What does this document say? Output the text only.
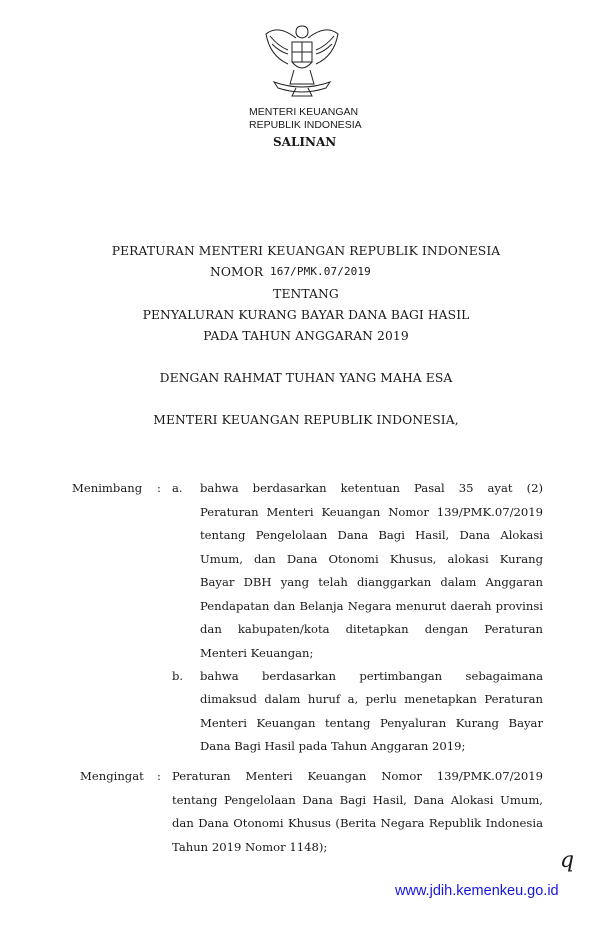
MENTERI KEUANGAN
REPUBLIK INDONESIA
SALINAN
PERATURAN MENTERI KEUANGAN REPUBLIK INDONESIA
NOMOR 167/PMK.07/2019
TENTANG
PENYALURAN KURANG BAYAR DANA BAGI HASIL
PADA TAHUN ANGGARAN 2019
DENGAN RAHMAT TUHAN YANG MAHA ESA
MENTERI KEUANGAN REPUBLIK INDONESIA,
Menimbang : a. bahwa berdasarkan ketentuan Pasal 35 ayat (2)
Peraturan Menteri Keuangan Nomor 139/PMK.07/2019
tentang Pengelolaan Dana Bagi Hasil, Dana Alokasi
Umum, dan Dana Otonomi Khusus, alokasi Kurang
Bayar DBH yang telah dianggarkan dalam Anggaran
Pendapatan dan Belanja Negara menurut daerah provinsi
dan kabupaten/kota ditetapkan dengan Peraturan
Menteri Keuangan;
b. bahwa berdasarkan pertimbangan sebagaimana
dimaksud dalam huruf a, perlu menetapkan Peraturan
Menteri Keuangan tentang Penyaluran Kurang Bayar
Dana Bagi Hasil pada Tahun Anggaran 2019;
Mengingat : Peraturan Menteri Keuangan Nomor 139/PMK.07/2019
tentang Pengelolaan Dana Bagi Hasil, Dana Alokasi Umum,
dan Dana Otonomi Khusus (Berita Negara Republik Indonesia
Tahun 2019 Nomor 1148);
q
www.jdih.kemenkeu.go.id
